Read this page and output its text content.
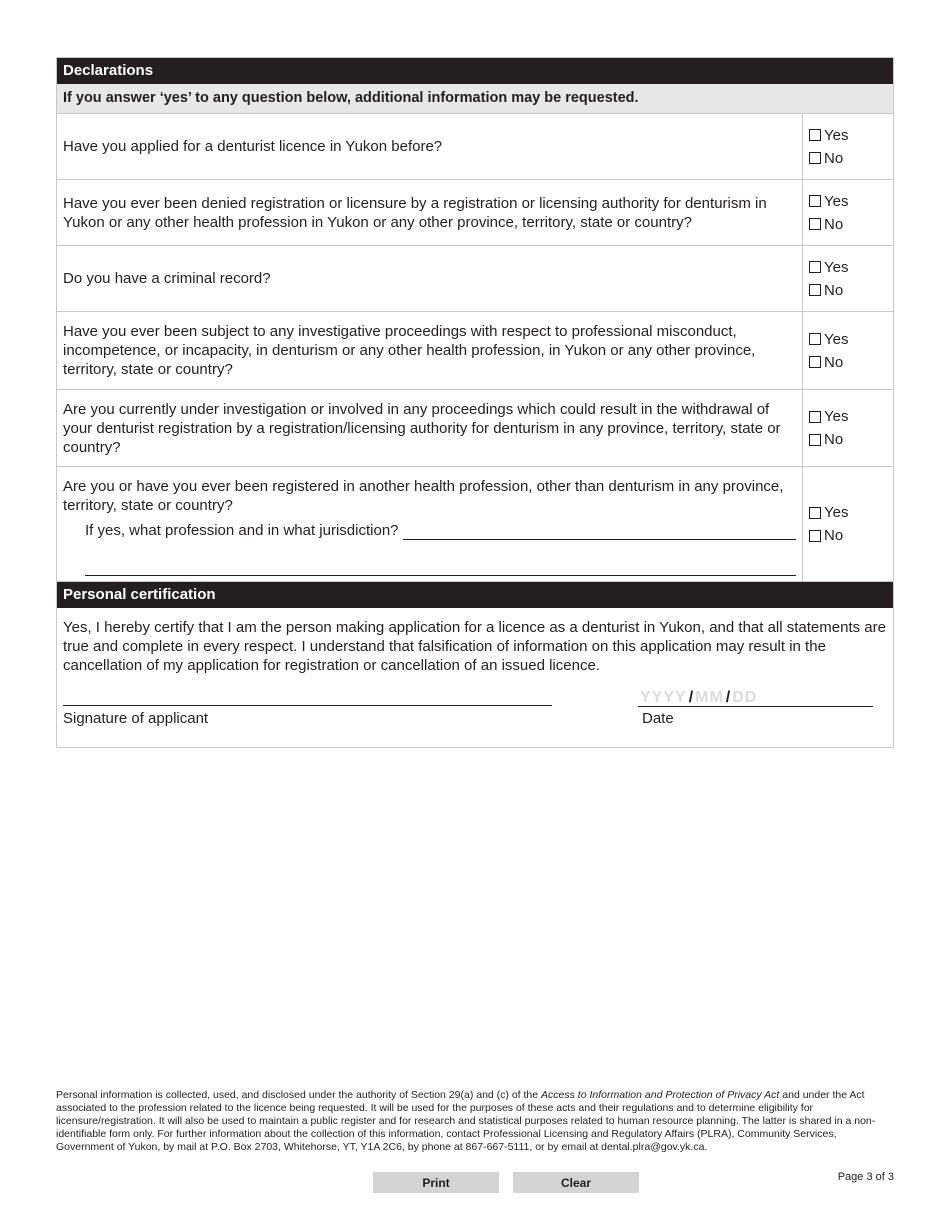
Declarations
If you answer ‘yes’ to any question below, additional information may be requested.
Have you applied for a denturist licence in Yukon before?
Yes
No
Have you ever been denied registration or licensure by a registration or licensing authority for denturism in Yukon or any other health profession in Yukon or any other province, territory, state or country?
Yes
No
Do you have a criminal record?
Yes
No
Have you ever been subject to any investigative proceedings with respect to professional misconduct, incompetence, or incapacity, in denturism or any other health profession, in Yukon or any other province, territory, state or country?
Yes
No
Are you currently under investigation or involved in any proceedings which could result in the withdrawal of your denturist registration by a registration/licensing authority for denturism in any province, territory, state or country?
Yes
No
Are you or have you ever been registered in another health profession, other than denturism in any province, territory, state or country?
If yes, what profession and in what jurisdiction?
Yes
No
Personal certification
Yes, I hereby certify that I am the person making application for a licence as a denturist in Yukon, and that all statements are true and complete in every respect. I understand that falsification of information on this application may result in the cancellation of my application for registration or cancellation of an issued licence.
Signature of applicant
YYYY / MM / DD
Date
Personal information is collected, used, and disclosed under the authority of Section 29(a) and (c) of the Access to Information and Protection of Privacy Act and under the Act associated to the profession related to the licence being requested. It will be used for the purposes of these acts and their regulations and to determine eligibility for licensure/registration. It will also be used to maintain a public register and for research and statistical purposes related to human resource planning. The latter is shared in a non-identifiable form only. For further information about the collection of this information, contact Professional Licensing and Regulatory Affairs (PLRA), Community Services, Government of Yukon, by mail at P.O. Box 2703, Whitehorse, YT, Y1A 2C6, by phone at 867-667-5111, or by email at dental.plra@gov.yk.ca.
Print	Clear	Page 3 of 3
